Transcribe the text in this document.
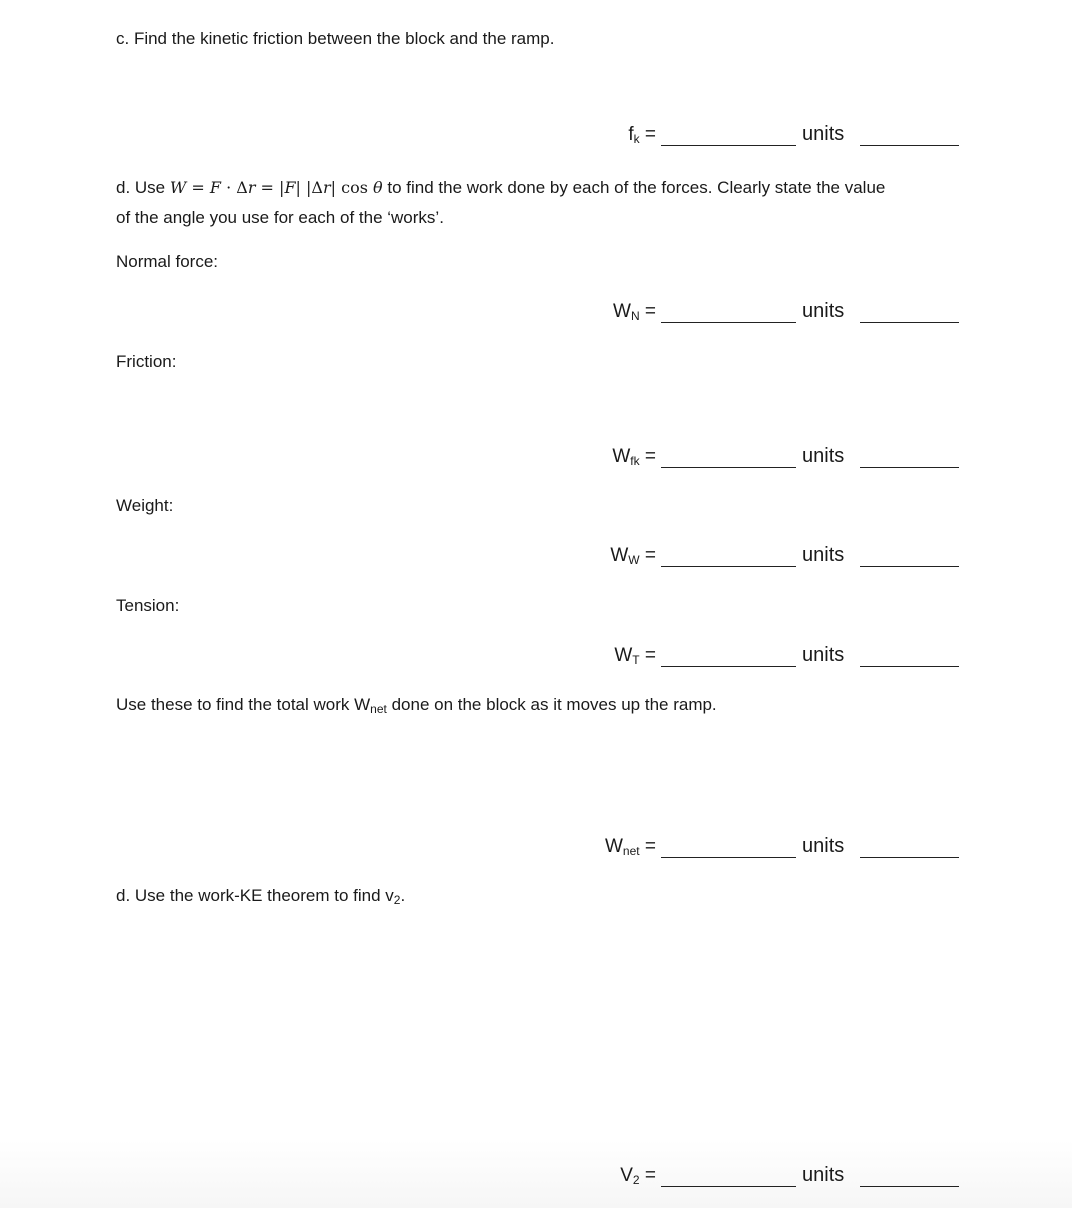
c. Find the kinetic friction between the block and the ramp.
$f_k$ =	units
d. Use W = F · Δr = |F| |Δr| cos θ to find the work done by each of the forces. Clearly state the value
of the angle you use for each of the ‘works’.
Normal force:
$W_N$ =	units
Friction:
$W_{fk}$ =	units
Weight:
$W_W$ =	units
Tension:
$W_T$ =	units
Use these to find the total work $W_{net}$ done on the block as it moves up the ramp.
$W_{net}$ =	units
d. Use the work-KE theorem to find $v_2$.
$V_2$ =	units
